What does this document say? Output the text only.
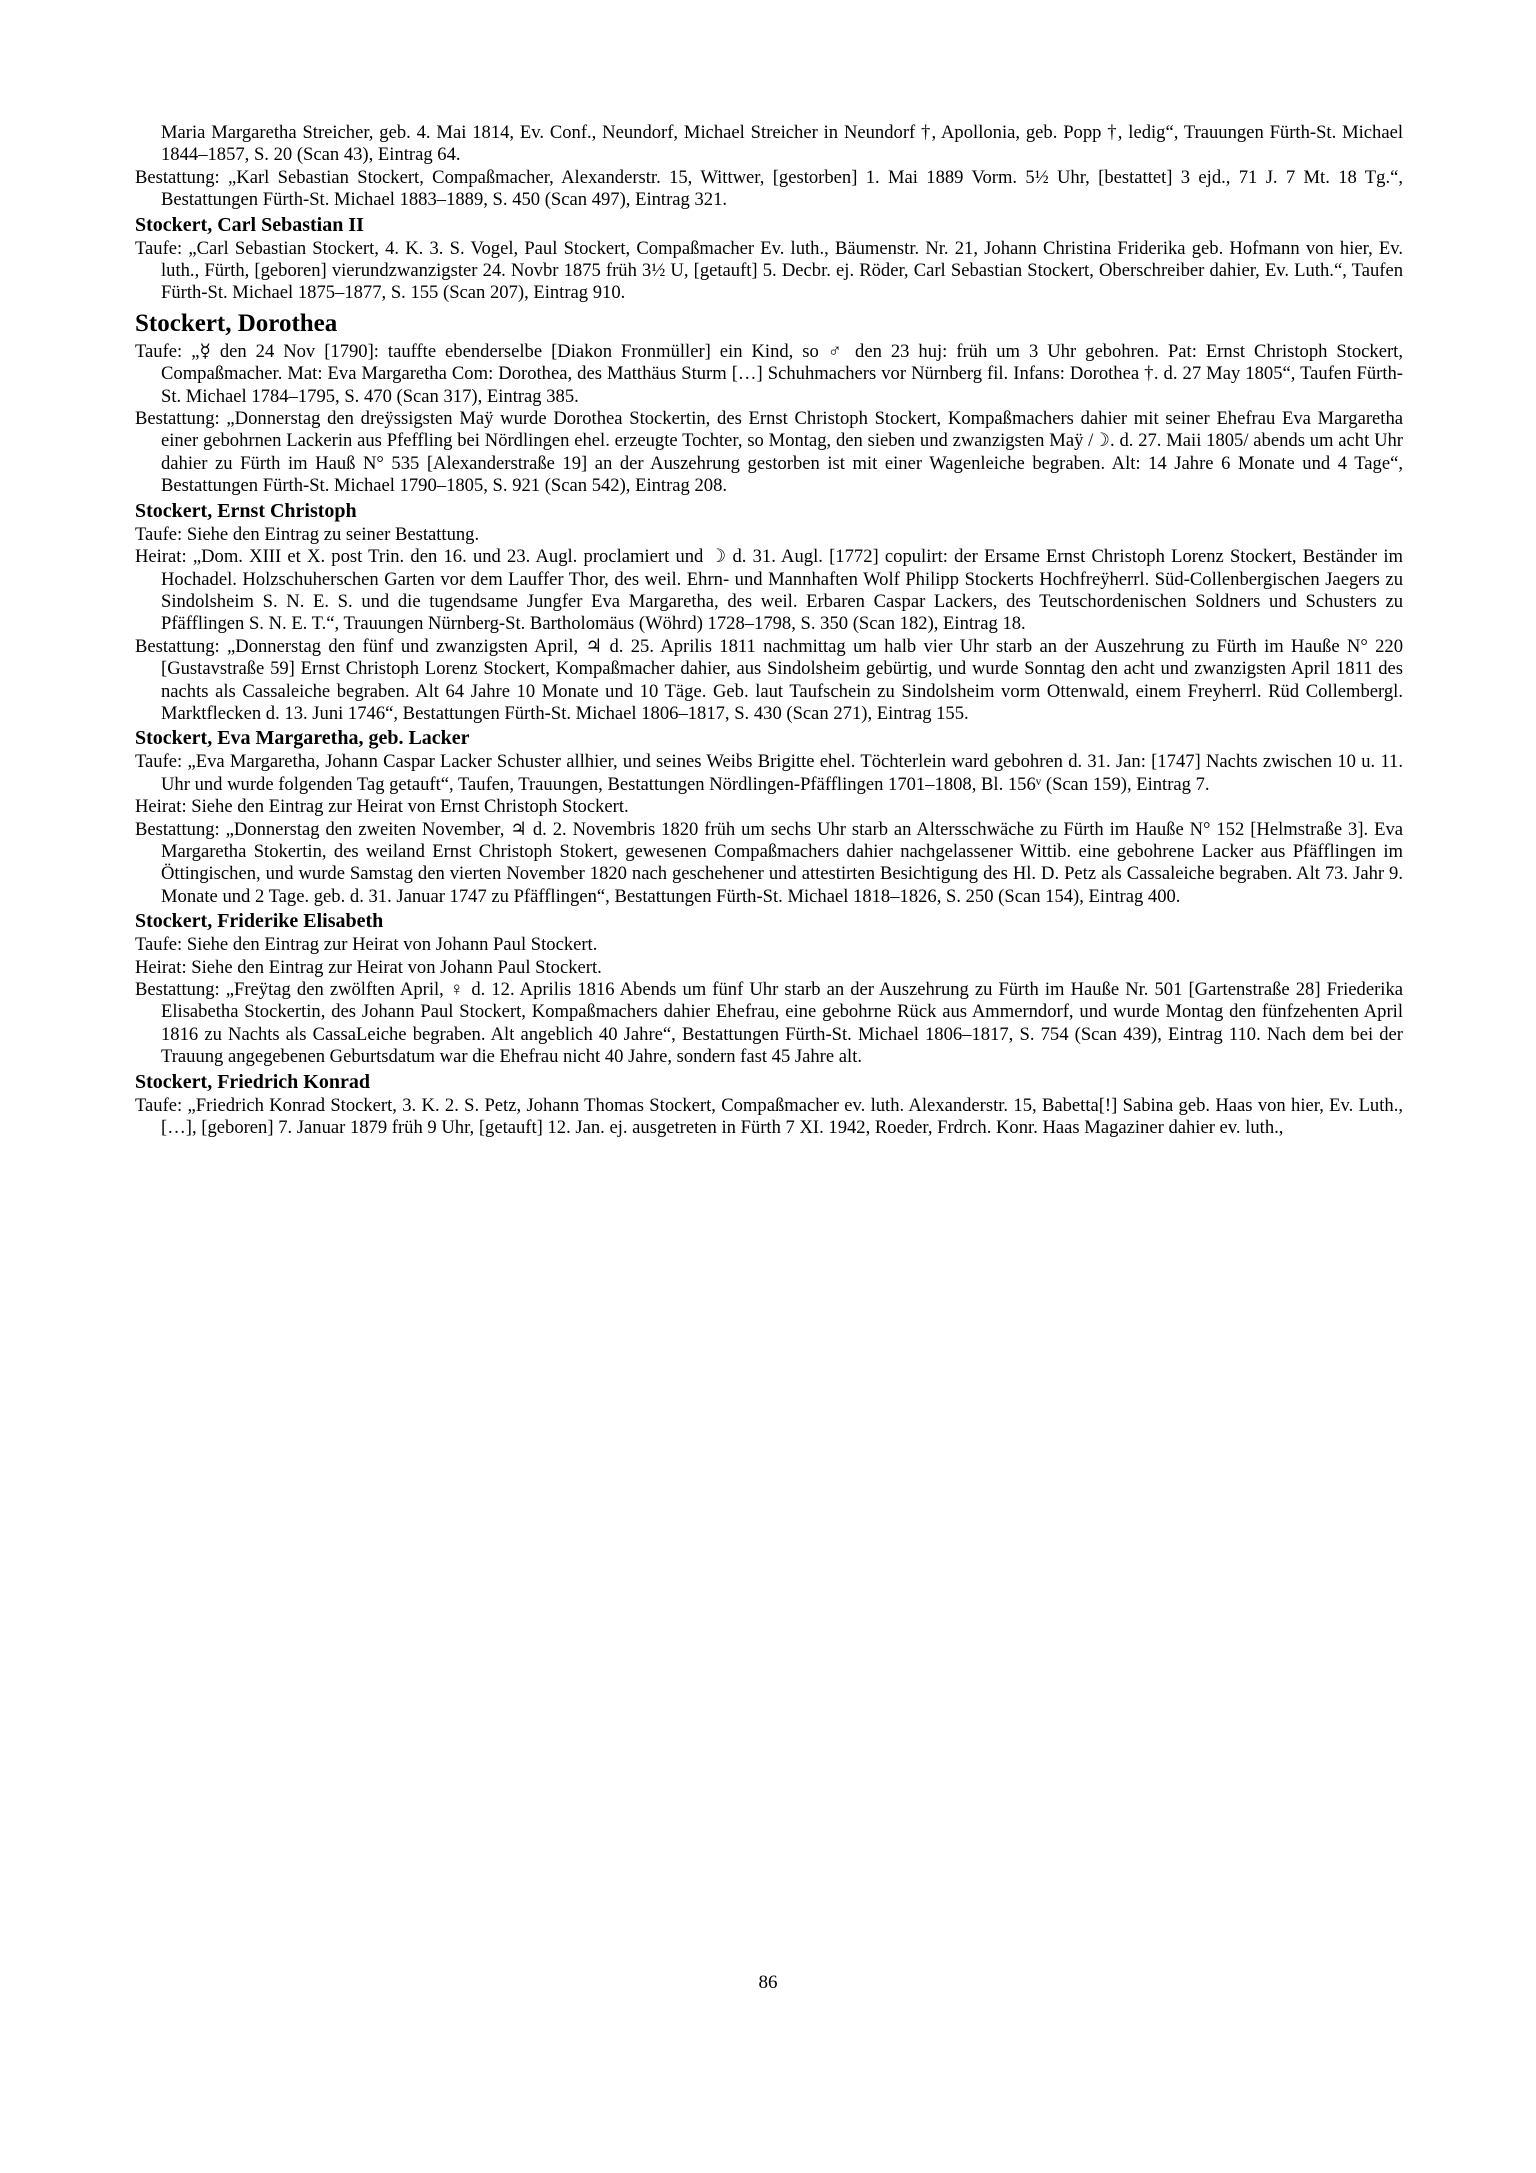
Maria Margaretha Streicher, geb. 4. Mai 1814, Ev. Conf., Neundorf, Michael Streicher in Neundorf †, Apollonia, geb. Popp †, ledig“, Trauungen Fürth-St. Michael 1844–1857, S. 20 (Scan 43), Eintrag 64.

Bestattung: „Karl Sebastian Stockert, Compaßmacher, Alexanderstr. 15, Wittwer, [gestorben] 1. Mai 1889 Vorm. 5½ Uhr, [bestattet] 3 ejd., 71 J. 7 Mt. 18 Tg.“, Bestattungen Fürth-St. Michael 1883–1889, S. 450 (Scan 497), Eintrag 321.

Stockert, Carl Sebastian II

Taufe: „Carl Sebastian Stockert, 4. K. 3. S. Vogel, Paul Stockert, Compaßmacher Ev. luth., Bäumenstr. Nr. 21, Johann Christina Friderika geb. Hofmann von hier, Ev. luth., Fürth, [geboren] vierundzwanzigster 24. Novbr 1875 früh 3½ U, [getauft] 5. Decbr. ej. Röder, Carl Sebastian Stockert, Oberschreiber dahier, Ev. Luth.“, Taufen Fürth-St. Michael 1875–1877, S. 155 (Scan 207), Eintrag 910.

Stockert, Dorothea

Taufe: „☿ den 24 Nov [1790]: tauffte ebenderselbe [Diakon Fronmüller] ein Kind, so ♂ den 23 huj: früh um 3 Uhr gebohren. Pat: Ernst Christoph Stockert, Compaßmacher. Mat: Eva Margaretha Com: Dorothea, des Matthäus Sturm […] Schuhmachers vor Nürnberg fil. Infans: Dorothea †. d. 27 May 1805“, Taufen Fürth-St. Michael 1784–1795, S. 470 (Scan 317), Eintrag 385.

Bestattung: „Donnerstag den dreÿssigsten Maÿ wurde Dorothea Stockertin, des Ernst Christoph Stockert, Kompaßmachers dahier mit seiner Ehefrau Eva Margaretha einer gebohrnen Lackerin aus Pfeffling bei Nördlingen ehel. erzeugte Tochter, so Montag, den sieben und zwanzigsten Maÿ /☽. d. 27. Maii 1805/ abends um acht Uhr dahier zu Fürth im Hauß N° 535 [Alexanderstraße 19] an der Auszehrung gestorben ist mit einer Wagenleiche begraben. Alt: 14 Jahre 6 Monate und 4 Tage“, Bestattungen Fürth-St. Michael 1790–1805, S. 921 (Scan 542), Eintrag 208.

Stockert, Ernst Christoph

Taufe: Siehe den Eintrag zu seiner Bestattung.

Heirat: „Dom. XIII et X. post Trin. den 16. und 23. Augl. proclamiert und ☽ d. 31. Augl. [1772] copulirt: der Ersame Ernst Christoph Lorenz Stockert, Beständer im Hochadel. Holzschuherschen Garten vor dem Lauffer Thor, des weil. Ehrn- und Mannhaften Wolf Philipp Stockerts Hochfreÿherrl. Süd-Collenbergischen Jaegers zu Sindolsheim S. N. E. S. und die tugendsame Jungfer Eva Margaretha, des weil. Erbaren Caspar Lackers, des Teutschordenischen Soldners und Schusters zu Pfäfflingen S. N. E. T.“, Trauungen Nürnberg-St. Bartholomäus (Wöhrd) 1728–1798, S. 350 (Scan 182), Eintrag 18.

Bestattung: „Donnerstag den fünf und zwanzigsten April, ♃ d. 25. Aprilis 1811 nachmittag um halb vier Uhr starb an der Auszehrung zu Fürth im Hauße N° 220 [Gustavstraße 59] Ernst Christoph Lorenz Stockert, Kompaßmacher dahier, aus Sindolsheim gebürtig, und wurde Sonntag den acht und zwanzigsten April 1811 des nachts als Cassaleiche begraben. Alt 64 Jahre 10 Monate und 10 Täge. Geb. laut Taufschein zu Sindolsheim vorm Ottenwald, einem Freyherrl. Rüd Collembergl. Marktflecken d. 13. Juni 1746“, Bestattungen Fürth-St. Michael 1806–1817, S. 430 (Scan 271), Eintrag 155.

Stockert, Eva Margaretha, geb. Lacker

Taufe: „Eva Margaretha, Johann Caspar Lacker Schuster allhier, und seines Weibs Brigitte ehel. Töchterlein ward gebohren d. 31. Jan: [1747] Nachts zwischen 10 u. 11. Uhr und wurde folgenden Tag getauft“, Taufen, Trauungen, Bestattungen Nördlingen-Pfäfflingen 1701–1808, Bl. 156ᵛ (Scan 159), Eintrag 7.

Heirat: Siehe den Eintrag zur Heirat von Ernst Christoph Stockert.

Bestattung: „Donnerstag den zweiten November, ♃ d. 2. Novembris 1820 früh um sechs Uhr starb an Altersschwäche zu Fürth im Hauße N° 152 [Helmstraße 3]. Eva Margaretha Stokertin, des weiland Ernst Christoph Stokert, gewesenen Compaßmachers dahier nachgelassener Wittib. eine gebohrene Lacker aus Pfäfflingen im Öttingischen, und wurde Samstag den vierten November 1820 nach geschehener und attestirten Besichtigung des Hl. D. Petz als Cassaleiche begraben. Alt 73. Jahr 9. Monate und 2 Tage. geb. d. 31. Januar 1747 zu Pfäfflingen“, Bestattungen Fürth-St. Michael 1818–1826, S. 250 (Scan 154), Eintrag 400.

Stockert, Friderike Elisabeth

Taufe: Siehe den Eintrag zur Heirat von Johann Paul Stockert.

Heirat: Siehe den Eintrag zur Heirat von Johann Paul Stockert.

Bestattung: „Freÿtag den zwölften April, ♀ d. 12. Aprilis 1816 Abends um fünf Uhr starb an der Auszehrung zu Fürth im Hauße Nr. 501 [Gartenstraße 28] Friederika Elisabetha Stockertin, des Johann Paul Stockert, Kompaßmachers dahier Ehefrau, eine gebohrne Rück aus Ammerndorf, und wurde Montag den fünfzehenten April 1816 zu Nachts als CassaLeiche begraben. Alt angeblich 40 Jahre“, Bestattungen Fürth-St. Michael 1806–1817, S. 754 (Scan 439), Eintrag 110. Nach dem bei der Trauung angegebenen Geburtsdatum war die Ehefrau nicht 40 Jahre, sondern fast 45 Jahre alt.

Stockert, Friedrich Konrad

Taufe: „Friedrich Konrad Stockert, 3. K. 2. S. Petz, Johann Thomas Stockert, Compaßmacher ev. luth. Alexanderstr. 15, Babetta[!] Sabina geb. Haas von hier, Ev. Luth., […], [geboren] 7. Januar 1879 früh 9 Uhr, [getauft] 12. Jan. ej. ausgetreten in Fürth 7 XI. 1942, Roeder, Frdrch. Konr. Haas Magaziner dahier ev. luth.,

86
